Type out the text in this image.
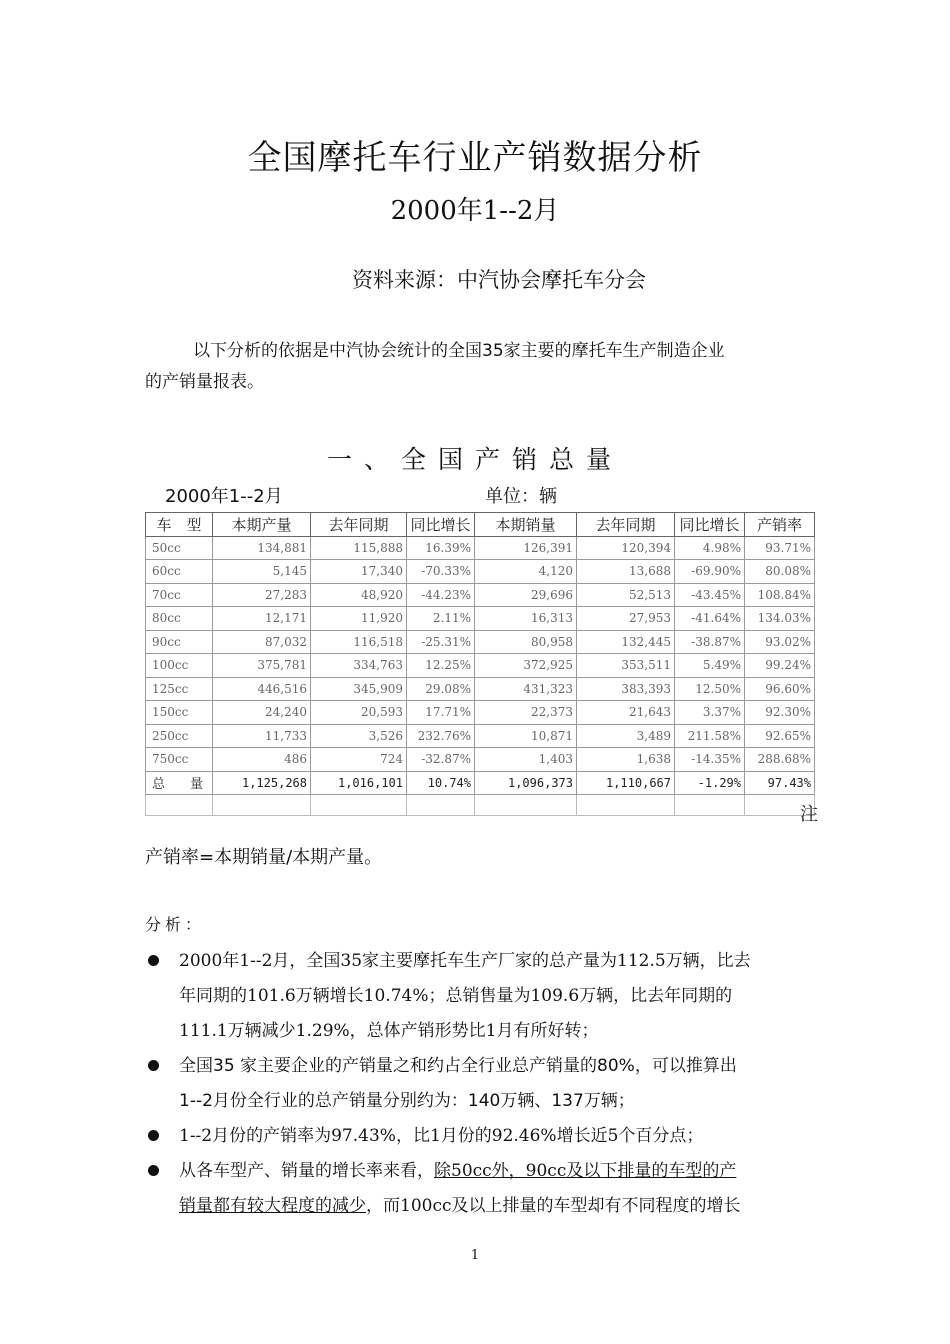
全国摩托车行业产销数据分析
2000年1--2月
资料来源：中汽协会摩托车分会
以下分析的依据是中汽协会统计的全国35家主要的摩托车生产制造企业
的产销量报表。
一、全国产销总量
2000年1--2月	单位：辆
车　型	本期产量	去年同期	同比增长	本期销量	去年同期	同比增长	产销率
50cc	134,881	115,888	16.39%	126,391	120,394	4.98%	93.71%
60cc	5,145	17,340	-70.33%	4,120	13,688	-69.90%	80.08%
70cc	27,283	48,920	-44.23%	29,696	52,513	-43.45%	108.84%
80cc	12,171	11,920	2.11%	16,313	27,953	-41.64%	134.03%
90cc	87,032	116,518	-25.31%	80,958	132,445	-38.87%	93.02%
100cc	375,781	334,763	12.25%	372,925	353,511	5.49%	99.24%
125cc	446,516	345,909	29.08%	431,323	383,393	12.50%	96.60%
150cc	24,240	20,593	17.71%	22,373	21,643	3.37%	92.30%
250cc	11,733	3,526	232.76%	10,871	3,489	211.58%	92.65%
750cc	486	724	-32.87%	1,403	1,638	-14.35%	288.68%
总　量	1,125,268	1,016,101	10.74%	1,096,373	1,110,667	-1.29%	97.43%

注
产销率=本期销量/本期产量。
分析：
2000年1--2月，全国35家主要摩托车生产厂家的总产量为112.5万辆，比去
年同期的101.6万辆增长10.74%；总销售量为109.6万辆，比去年同期的
111.1万辆减少1.29%，总体产销形势比1月有所好转；
全国35 家主要企业的产销量之和约占全行业总产销量的80%，可以推算出
1--2月份全行业的总产销量分别约为：140万辆、137万辆；
1--2月份的产销率为97.43%，比1月份的92.46%增长近5个百分点；
从各车型产、销量的增长率来看，除50cc外，90cc及以下排量的车型的产
销量都有较大程度的减少，而100cc及以上排量的车型却有不同程度的增长
1
